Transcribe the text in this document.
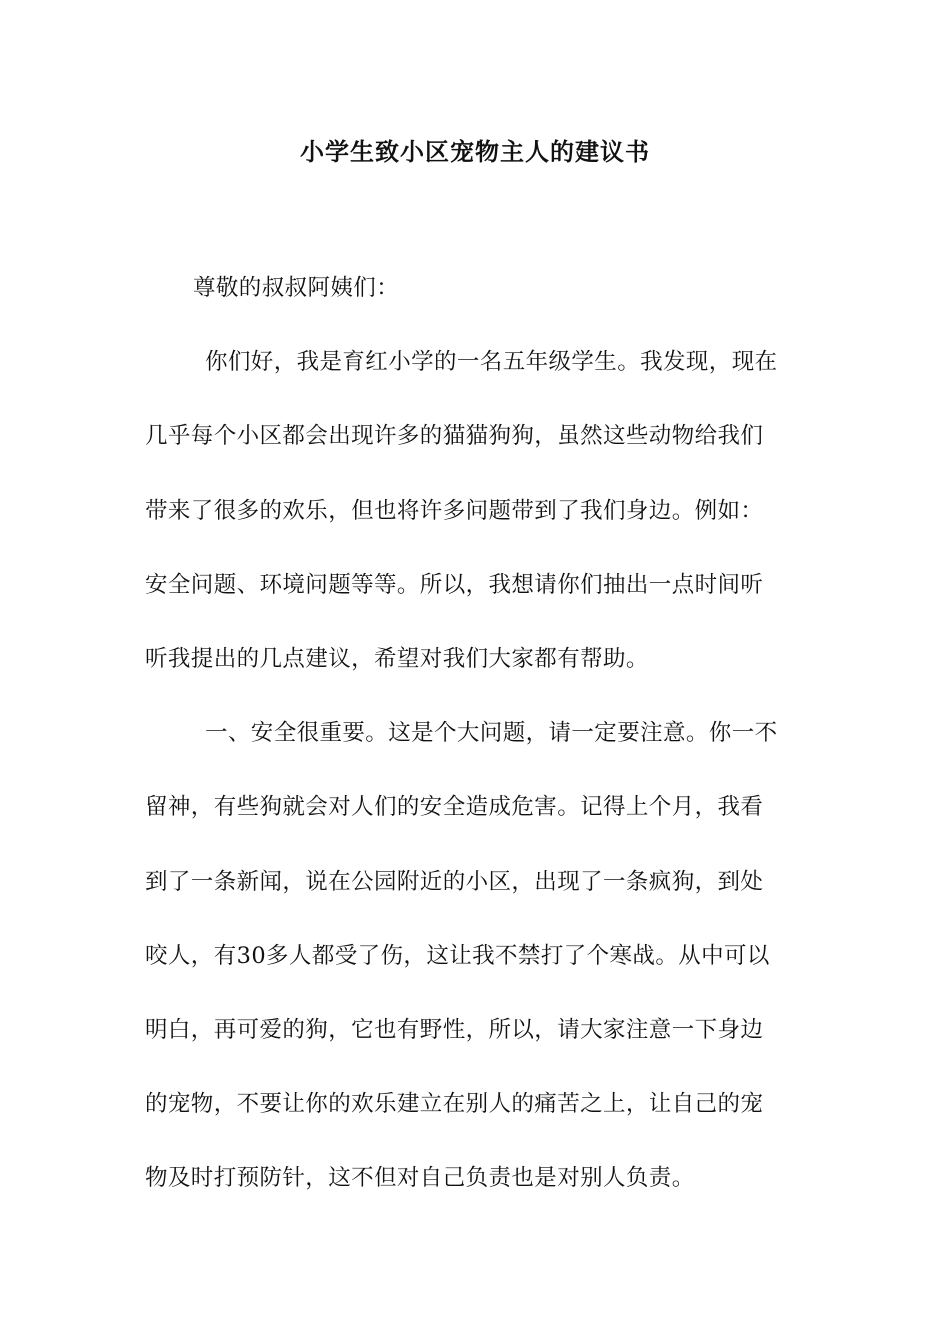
小学生致小区宠物主人的建议书
尊敬的叔叔阿姨们：
你们好，我是育红小学的一名五年级学生。我发现，现在
几乎每个小区都会出现许多的猫猫狗狗，虽然这些动物给我们
带来了很多的欢乐，但也将许多问题带到了我们身边。例如：
安全问题、环境问题等等。所以，我想请你们抽出一点时间听
听我提出的几点建议，希望对我们大家都有帮助。
一、安全很重要。这是个大问题，请一定要注意。你一不
留神，有些狗就会对人们的安全造成危害。记得上个月，我看
到了一条新闻，说在公园附近的小区，出现了一条疯狗，到处
咬人，有30多人都受了伤，这让我不禁打了个寒战。从中可以
明白，再可爱的狗，它也有野性，所以，请大家注意一下身边
的宠物，不要让你的欢乐建立在别人的痛苦之上，让自己的宠
物及时打预防针，这不但对自己负责也是对别人负责。
